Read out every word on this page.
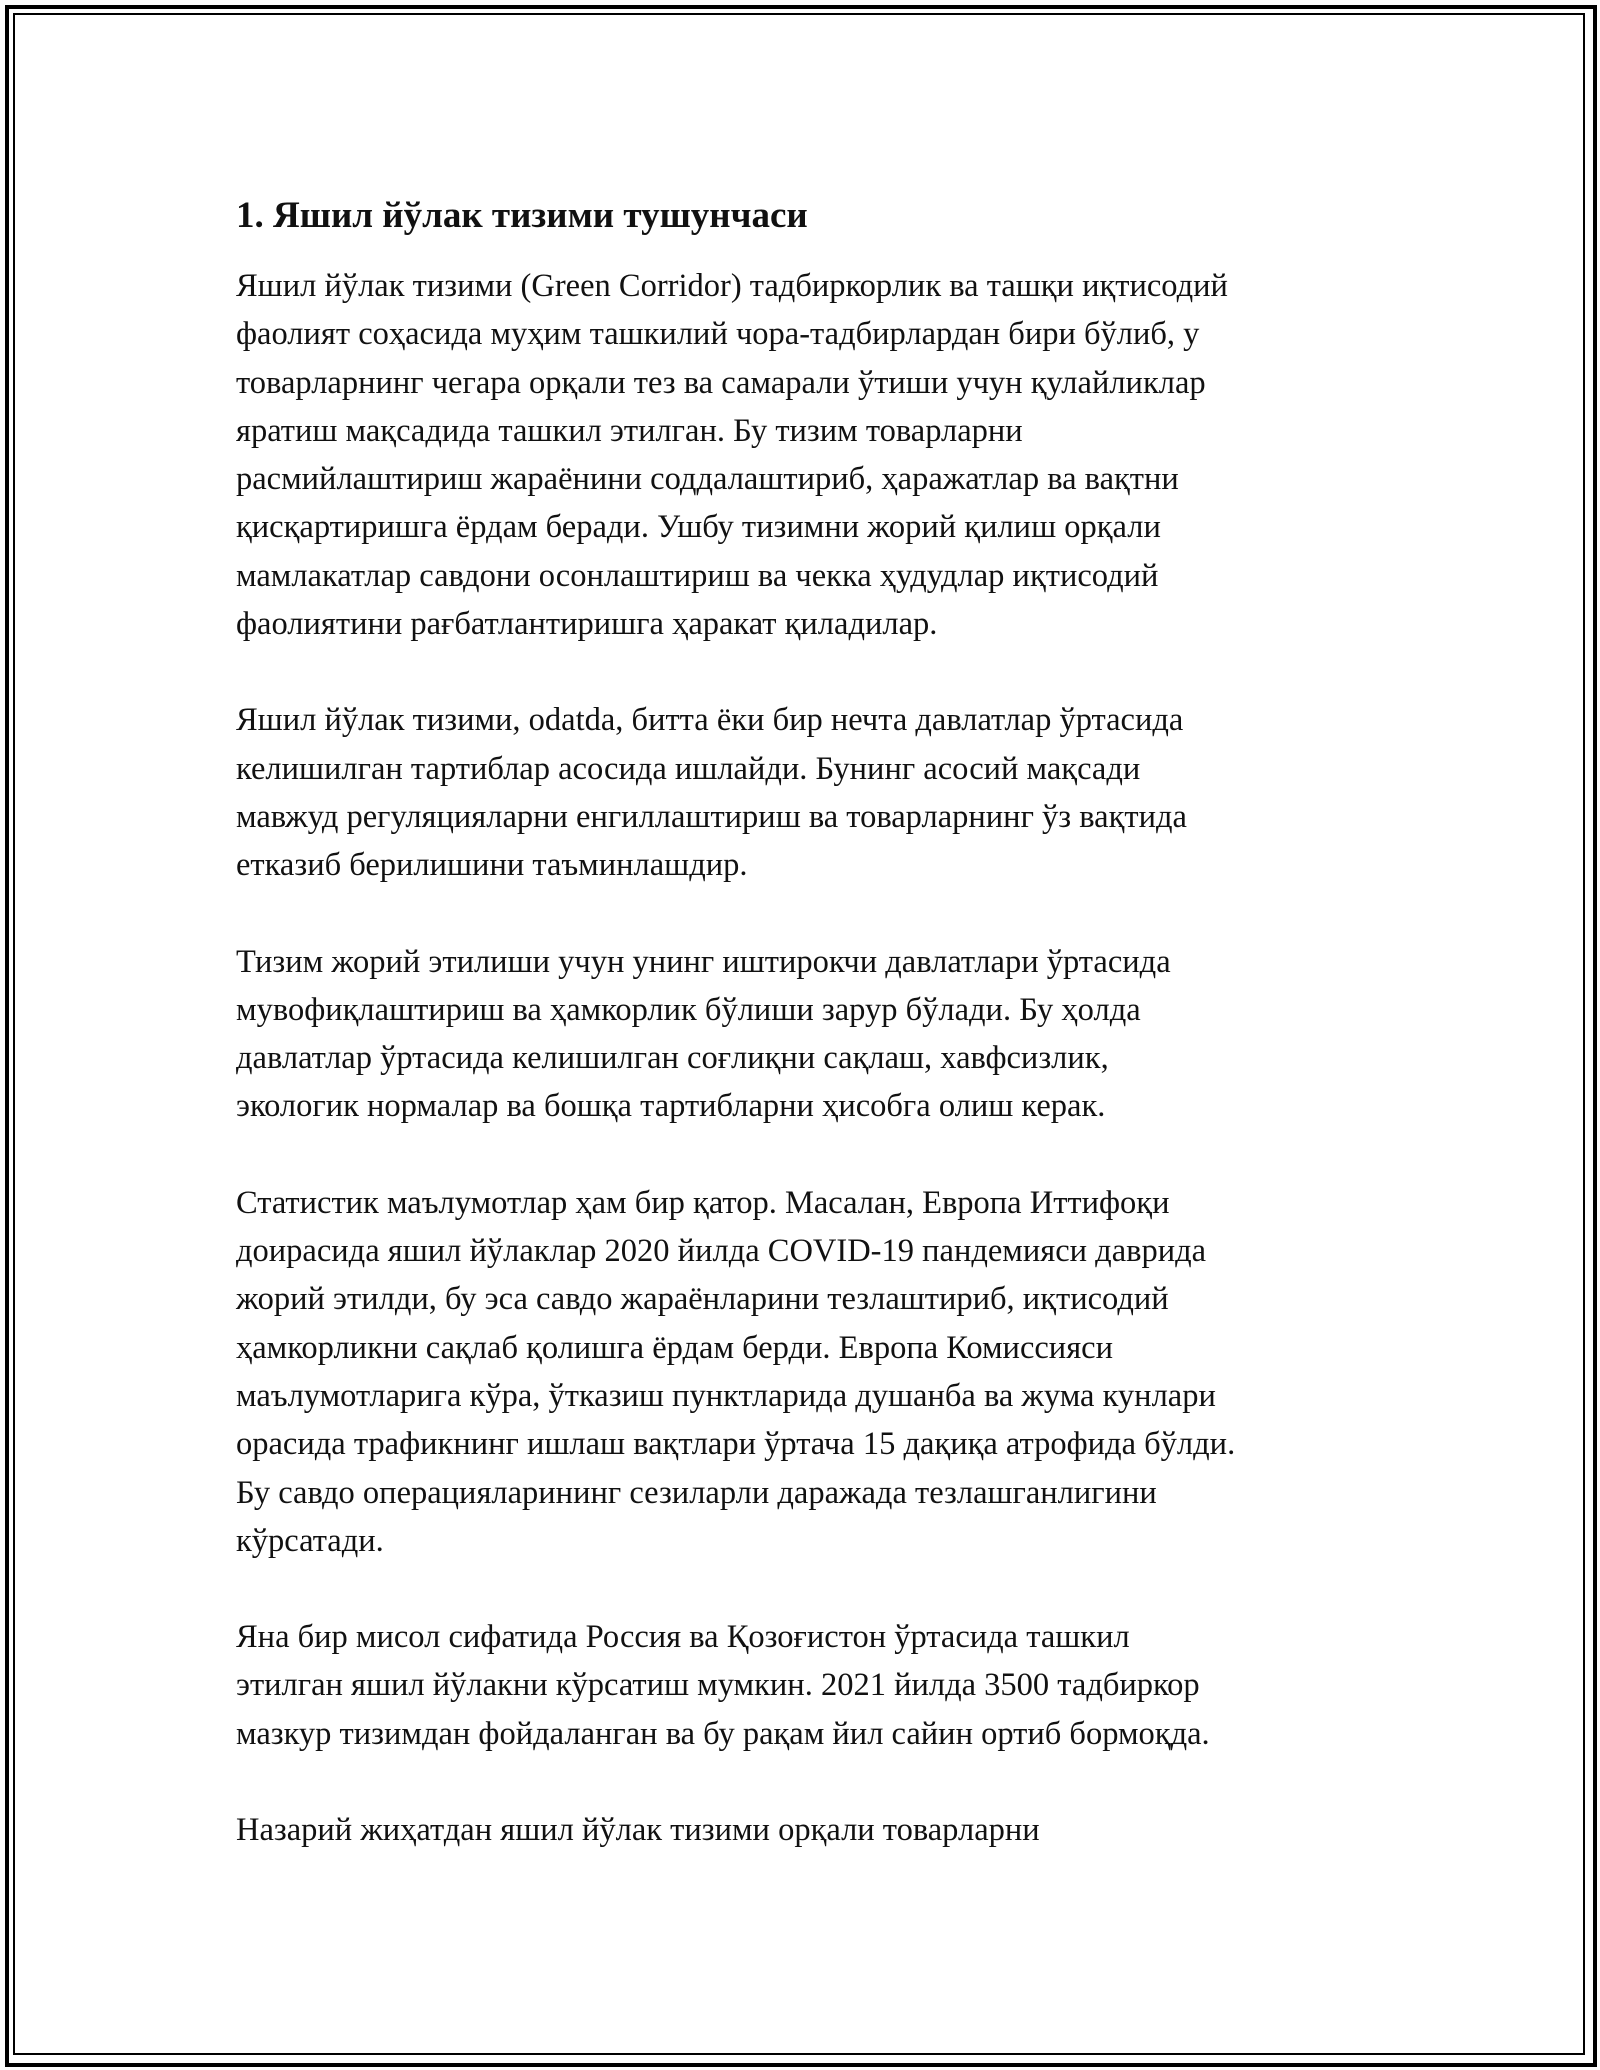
1. Яшил йўлак тизими тушунчаси

Яшил йўлак тизими (Green Corridor) тадбиркорлик ва ташқи иқтисодий
фаолият соҳасида муҳим ташкилий чора-тадбирлардан бири бўлиб, у
товарларнинг чегара орқали тез ва самарали ўтиши учун қулайликлар
яратиш мақсадида ташкил этилган. Бу тизим товарларни
расмийлаштириш жараёнини соддалаштириб, ҳаражатлар ва вақтни
қисқартиришга ёрдам беради. Ушбу тизимни жорий қилиш орқали
мамлакатлар савдони осонлаштириш ва чекка ҳудудлар иқтисодий
фаолиятини рағбатлантиришга ҳаракат қиладилар.

Яшил йўлак тизими, odatda, битта ёки бир нечта давлатлар ўртасида
келишилган тартиблар асосида ишлайди. Бунинг асосий мақсади
мавжуд регуляцияларни енгиллаштириш ва товарларнинг ўз вақтида
етказиб берилишини таъминлашдир.

Тизим жорий этилиши учун унинг иштирокчи давлатлари ўртасида
мувофиқлаштириш ва ҳамкорлик бўлиши зарур бўлади. Бу ҳолда
давлатлар ўртасида келишилган соғлиқни сақлаш, хавфсизлик,
экологик нормалар ва бошқа тартибларни ҳисобга олиш керак.

Статистик маълумотлар ҳам бир қатор. Масалан, Европа Иттифоқи
доирасида яшил йўлаклар 2020 йилда COVID-19 пандемияси даврида
жорий этилди, бу эса савдо жараёнларини тезлаштириб, иқтисодий
ҳамкорликни сақлаб қолишга ёрдам берди. Европа Комиссияси
маълумотларига кўра, ўтказиш пунктларида душанба ва жума кунлари
орасида трафикнинг ишлаш вақтлари ўртача 15 дақиқа атрофида бўлди.
Бу савдо операцияларининг сезиларли даражада тезлашганлигини
кўрсатади.

Яна бир мисол сифатида Россия ва Қозоғистон ўртасида ташкил
этилган яшил йўлакни кўрсатиш мумкин. 2021 йилда 3500 тадбиркор
мазкур тизимдан фойдаланган ва бу рақам йил сайин ортиб бормоқда.

Назарий жиҳатдан яшил йўлак тизими орқали товарларни
